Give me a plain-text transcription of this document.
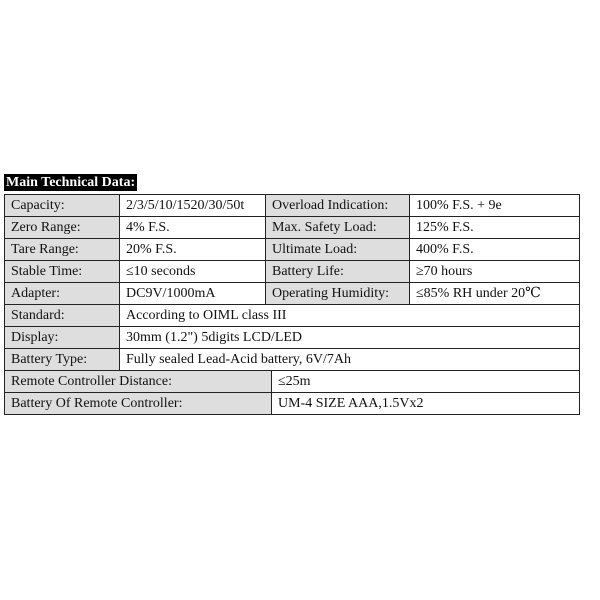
Main Technical Data:
Capacity:	2/3/5/10/1520/30/50t	Overload Indication:		100% F.S. + 9e
Zero Range:	4% F.S.	Max. Safety Load:		125% F.S.
Tare Range:	20% F.S.	Ultimate Load:		400% F.S.
Stable Time:	≤10 seconds	Battery Life:		≥70 hours
Adapter:	DC9V/1000mA	Operating Humidity:		≤85% RH under 20℃
Standard:	According to OIML class III			
Display:	30mm (1.2") 5digits LCD/LED			
Battery Type:	Fully sealed Lead-Acid battery, 6V/7Ah			
Remote Controller Distance:			≤25m	
Battery Of Remote Controller:			UM-4 SIZE AAA,1.5Vx2	
